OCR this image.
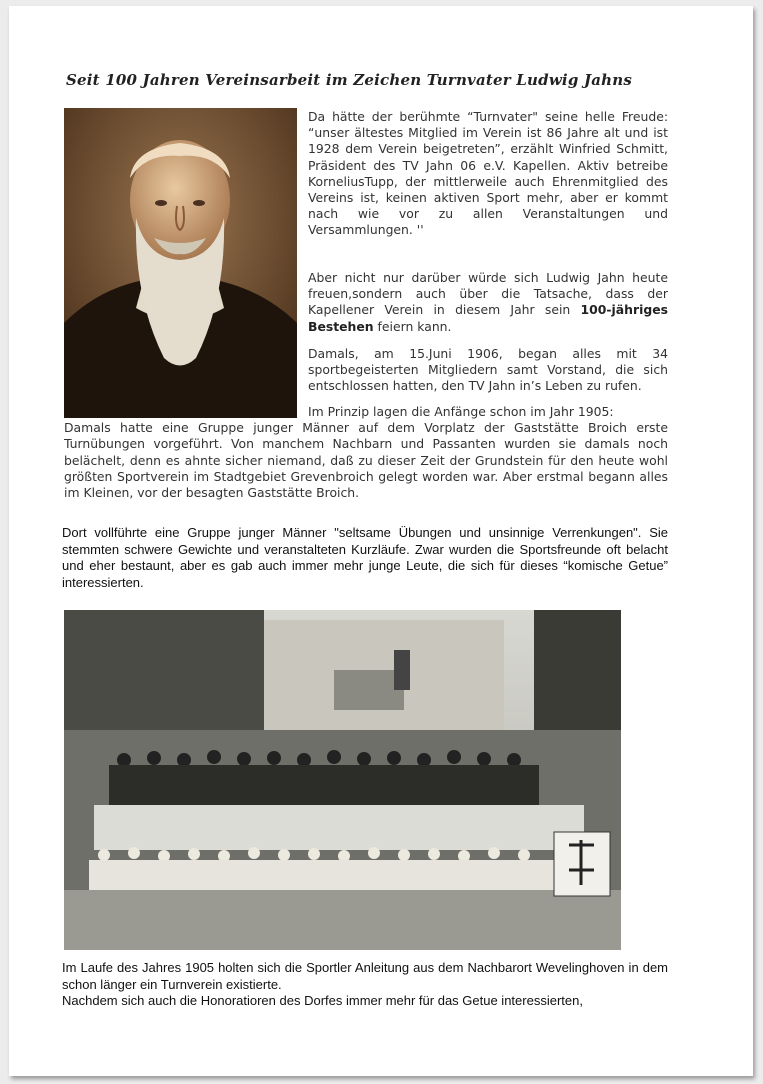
Seit 100 Jahren Vereinsarbeit im Zeichen Turnvater Ludwig Jahns
Da hätte der berühmte “Turnvater" seine helle Freude: “unser ältestes Mitglied im Verein ist 86 Jahre alt und ist 1928 dem Verein beigetreten”, erzählt Winfried Schmitt, Präsident des TV Jahn 06 e.V. Kapellen. Aktiv betreibe KorneliusTupp, der mittlerweile auch Ehrenmitglied des Vereins ist, keinen aktiven Sport mehr, aber er kommt nach wie vor zu allen Veranstaltungen und Versammlungen. ''
Aber nicht nur darüber würde sich Ludwig Jahn heute freuen,sondern auch über die Tatsache, dass der Kapellener Verein in diesem Jahr sein 100-jähriges Bestehen feiern kann.
Damals, am 15.Juni 1906, began alles mit 34 sportbegeisterten Mitgliedern samt Vorstand, die sich entschlossen hatten, den TV Jahn in’s Leben zu rufen.
Im Prinzip lagen die Anfänge schon im Jahr 1905:
Damals hatte eine Gruppe junger Männer auf dem Vorplatz der Gaststätte Broich erste Turnübungen vorgeführt. Von manchem Nachbarn und Passanten wurden sie damals noch belächelt, denn es ahnte sicher niemand, daß zu dieser Zeit der Grundstein für den heute wohl größten Sportverein im Stadtgebiet Grevenbroich gelegt worden war. Aber erstmal begann alles im Kleinen, vor der besagten Gaststätte Broich.
Dort vollführte eine Gruppe junger Männer "seltsame Übungen und unsinnige Verrenkungen". Sie stemmten schwere Gewichte und veranstalteten Kurzläufe. Zwar wurden die Sportsfreunde oft belacht und eher bestaunt, aber es gab auch immer mehr junge Leute, die sich für dieses “komische Getue” interessierten.
Im Laufe des Jahres 1905 holten sich die Sportler Anleitung aus dem Nachbarort Wevelinghoven in dem schon länger ein Turnverein existierte.
Nachdem sich auch die Honoratioren des Dorfes immer mehr für das Getue interessierten,
